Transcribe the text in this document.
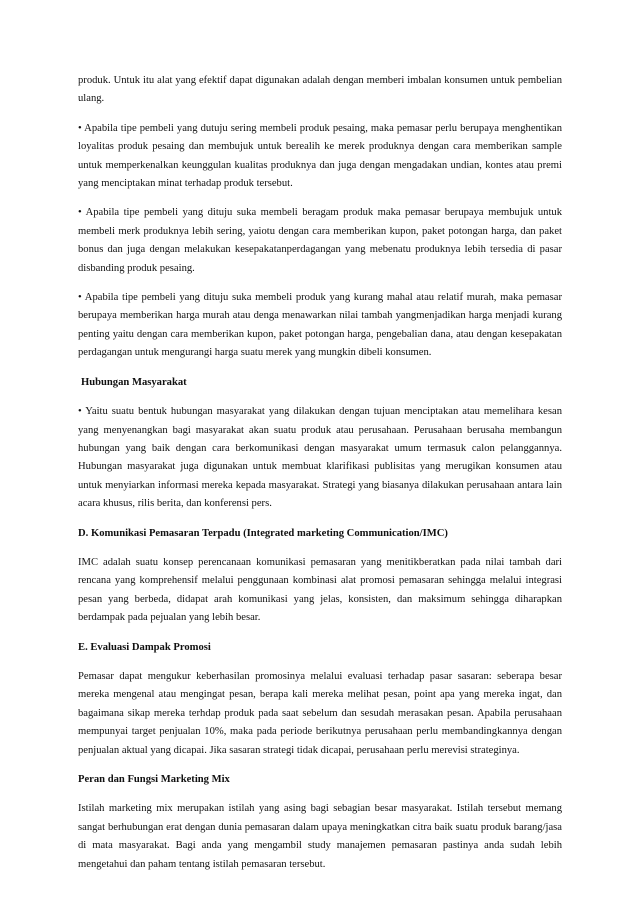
produk. Untuk itu alat yang efektif dapat digunakan adalah dengan memberi imbalan konsumen untuk pembelian ulang.

• Apabila tipe pembeli yang dutuju sering membeli produk pesaing, maka pemasar perlu berupaya menghentikan loyalitas produk pesaing dan membujuk untuk berealih ke merek produknya dengan cara memberikan sample untuk memperkenalkan keunggulan kualitas produknya dan juga dengan mengadakan undian, kontes atau premi yang menciptakan minat terhadap produk tersebut.

• Apabila tipe pembeli yang dituju suka membeli beragam produk maka pemasar berupaya membujuk untuk membeli merk produknya lebih sering, yaiotu dengan cara memberikan kupon, paket potongan harga, dan paket bonus dan juga dengan melakukan kesepakatanperdagangan yang mebenatu produknya lebih tersedia di pasar disbanding produk pesaing.

• Apabila tipe pembeli yang dituju suka membeli produk yang kurang mahal atau relatif murah, maka pemasar berupaya memberikan harga murah atau denga menawarkan nilai tambah yangmenjadikan harga menjadi kurang penting yaitu dengan cara memberikan kupon, paket potongan harga, pengebalian dana, atau dengan kesepakatan perdagangan untuk mengurangi harga suatu merek yang mungkin dibeli konsumen.

Hubungan Masyarakat

• Yaitu suatu bentuk hubungan masyarakat yang dilakukan dengan tujuan menciptakan atau memelihara kesan yang menyenangkan bagi masyarakat akan suatu produk atau perusahaan. Perusahaan berusaha membangun hubungan yang baik dengan cara berkomunikasi dengan masyarakat umum termasuk calon pelanggannya. Hubungan masyarakat juga digunakan untuk membuat klarifikasi publisitas yang merugikan konsumen atau untuk menyiarkan informasi mereka kepada masyarakat. Strategi yang biasanya dilakukan perusahaan antara lain acara khusus, rilis berita, dan konferensi pers.

D. Komunikasi Pemasaran Terpadu (Integrated marketing Communication/IMC)

IMC adalah suatu konsep perencanaan komunikasi pemasaran yang menitikberatkan pada nilai tambah dari rencana yang komprehensif melalui penggunaan kombinasi alat promosi pemasaran sehingga melalui integrasi pesan yang berbeda, didapat arah komunikasi yang jelas, konsisten, dan maksimum sehingga diharapkan berdampak pada pejualan yang lebih besar.

E. Evaluasi Dampak Promosi

Pemasar dapat mengukur keberhasilan promosinya melalui evaluasi terhadap pasar sasaran: seberapa besar mereka mengenal atau mengingat pesan, berapa kali mereka melihat pesan, point apa yang mereka ingat, dan bagaimana sikap mereka terhdap produk pada saat sebelum dan sesudah merasakan pesan. Apabila perusahaan mempunyai target penjualan 10%, maka pada periode berikutnya perusahaan perlu membandingkannya dengan penjualan aktual yang dicapai. Jika sasaran strategi tidak dicapai, perusahaan perlu merevisi strateginya.

Peran dan Fungsi Marketing Mix

Istilah marketing mix merupakan istilah yang asing bagi sebagian besar masyarakat. Istilah tersebut memang sangat berhubungan erat dengan dunia pemasaran dalam upaya meningkatkan citra baik suatu produk barang/jasa di mata masyarakat. Bagi anda yang mengambil study manajemen pemasaran pastinya anda sudah lebih mengetahui dan paham tentang istilah pemasaran tersebut.
